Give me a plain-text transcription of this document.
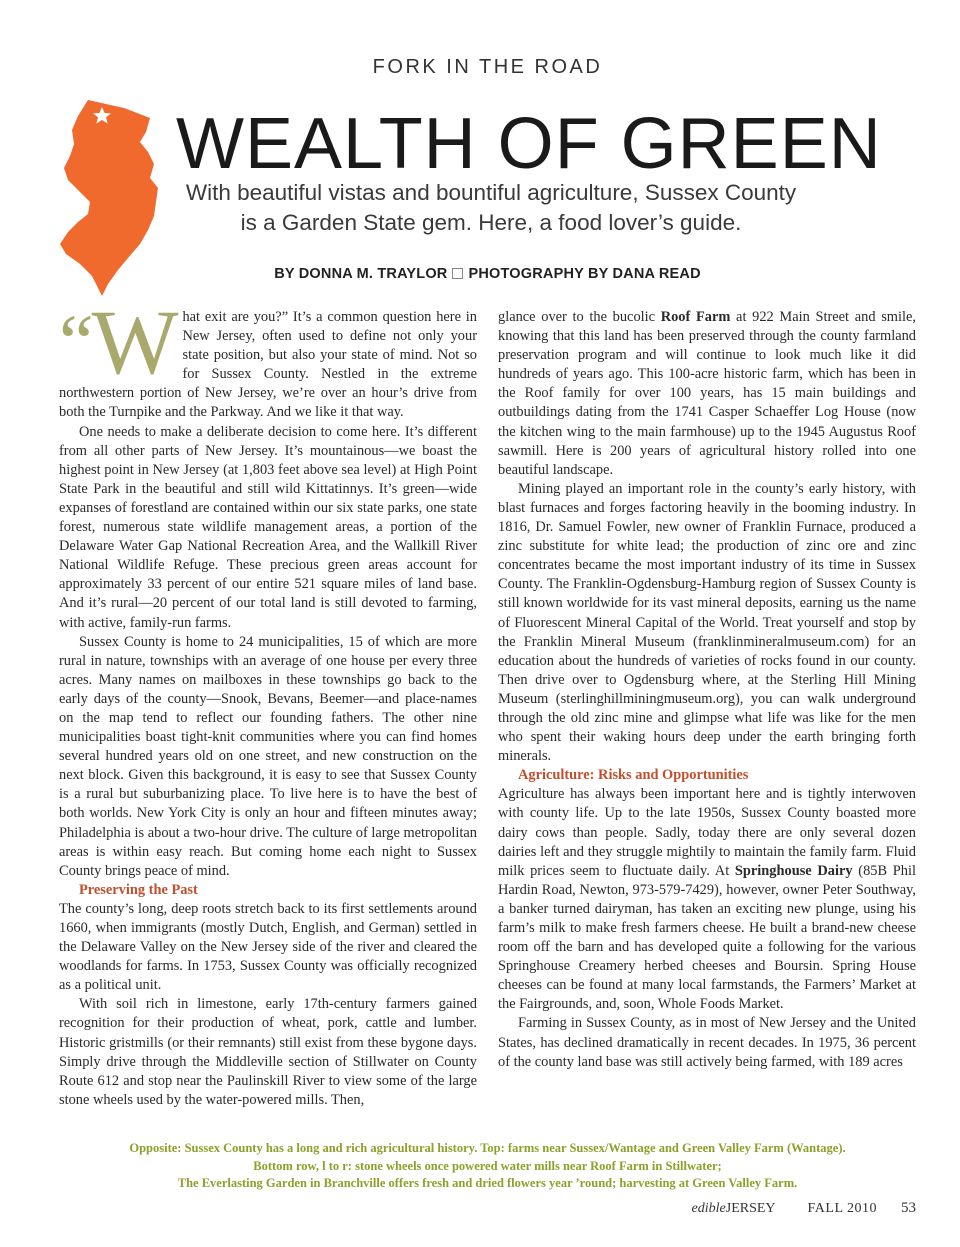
FORK IN THE ROAD
WEALTH OF GREEN
With beautiful vistas and bountiful agriculture, Sussex County is a Garden State gem. Here, a food lover’s guide.
BY DONNA M. TRAYLOR PHOTOGRAPHY BY DANA READ

“W hat exit are you?” It’s a common question here in New Jersey, often used to define not only your state position, but also your state of mind. Not so for Sussex County. Nestled in the extreme northwestern portion of New Jersey, we’re over an hour’s drive from both the Turnpike and the Parkway. And we like it that way.

One needs to make a deliberate decision to come here. It’s different from all other parts of New Jersey. It’s mountainous—we boast the highest point in New Jersey (at 1,803 feet above sea level) at High Point State Park in the beautiful and still wild Kittatinnys. It’s green—wide expanses of forestland are contained within our six state parks, one state forest, numerous state wildlife management areas, a portion of the Delaware Water Gap National Recreation Area, and the Wallkill River National Wildlife Refuge. These precious green areas account for approximately 33 percent of our entire 521 square miles of land base. And it’s rural—20 percent of our total land is still devoted to farming, with active, family-run farms.

Sussex County is home to 24 municipalities, 15 of which are more rural in nature, townships with an average of one house per every three acres. Many names on mailboxes in these townships go back to the early days of the county—Snook, Bevans, Beemer—and place-names on the map tend to reflect our founding fathers. The other nine municipalities boast tight-knit communities where you can find homes several hundred years old on one street, and new construction on the next block. Given this background, it is easy to see that Sussex County is a rural but suburbanizing place. To live here is to have the best of both worlds. New York City is only an hour and fifteen minutes away; Philadelphia is about a two-hour drive. The culture of large metropolitan areas is within easy reach. But coming home each night to Sussex County brings peace of mind.

Preserving the Past

The county’s long, deep roots stretch back to its first settlements around 1660, when immigrants (mostly Dutch, English, and German) settled in the Delaware Valley on the New Jersey side of the river and cleared the woodlands for farms. In 1753, Sussex County was officially recognized as a political unit.

With soil rich in limestone, early 17th-century farmers gained recognition for their production of wheat, pork, cattle and lumber. Historic gristmills (or their remnants) still exist from these bygone days. Simply drive through the Middleville section of Stillwater on County Route 612 and stop near the Paulinskill River to view some of the large stone wheels used by the water-powered mills. Then,

glance over to the bucolic Roof Farm at 922 Main Street and smile, knowing that this land has been preserved through the county farmland preservation program and will continue to look much like it did hundreds of years ago. This 100-acre historic farm, which has been in the Roof family for over 100 years, has 15 main buildings and outbuildings dating from the 1741 Casper Schaeffer Log House (now the kitchen wing to the main farmhouse) up to the 1945 Augustus Roof sawmill. Here is 200 years of agricultural history rolled into one beautiful landscape.

Mining played an important role in the county’s early history, with blast furnaces and forges factoring heavily in the booming industry. In 1816, Dr. Samuel Fowler, new owner of Franklin Furnace, produced a zinc substitute for white lead; the production of zinc ore and zinc concentrates became the most important industry of its time in Sussex County. The Franklin-Ogdensburg-Hamburg region of Sussex County is still known worldwide for its vast mineral deposits, earning us the name of Fluorescent Mineral Capital of the World. Treat yourself and stop by the Franklin Mineral Museum (franklinmineralmuseum.com) for an education about the hundreds of varieties of rocks found in our county. Then drive over to Ogdensburg where, at the Sterling Hill Mining Museum (sterlinghillminingmuseum.org), you can walk underground through the old zinc mine and glimpse what life was like for the men who spent their waking hours deep under the earth bringing forth minerals.

Agriculture: Risks and Opportunities

Agriculture has always been important here and is tightly interwoven with county life. Up to the late 1950s, Sussex County boasted more dairy cows than people. Sadly, today there are only several dozen dairies left and they struggle mightily to maintain the family farm. Fluid milk prices seem to fluctuate daily. At Springhouse Dairy (85B Phil Hardin Road, Newton, 973-579-7429), however, owner Peter Southway, a banker turned dairyman, has taken an exciting new plunge, using his farm’s milk to make fresh farmers cheese. He built a brand-new cheese room off the barn and has developed quite a following for the various Springhouse Creamery herbed cheeses and Boursin. Spring House cheeses can be found at many local farmstands, the Farmers’ Market at the Fairgrounds, and, soon, Whole Foods Market.

Farming in Sussex County, as in most of New Jersey and the United States, has declined dramatically in recent decades. In 1975, 36 percent of the county land base was still actively being farmed, with 189 acres

Opposite: Sussex County has a long and rich agricultural history. Top: farms near Sussex/Wantage and Green Valley Farm (Wantage).
Bottom row, l to r: stone wheels once powered water mills near Roof Farm in Stillwater;
The Everlasting Garden in Branchville offers fresh and dried flowers year ’round; harvesting at Green Valley Farm.
edibleJERSEY FALL 2010 53
